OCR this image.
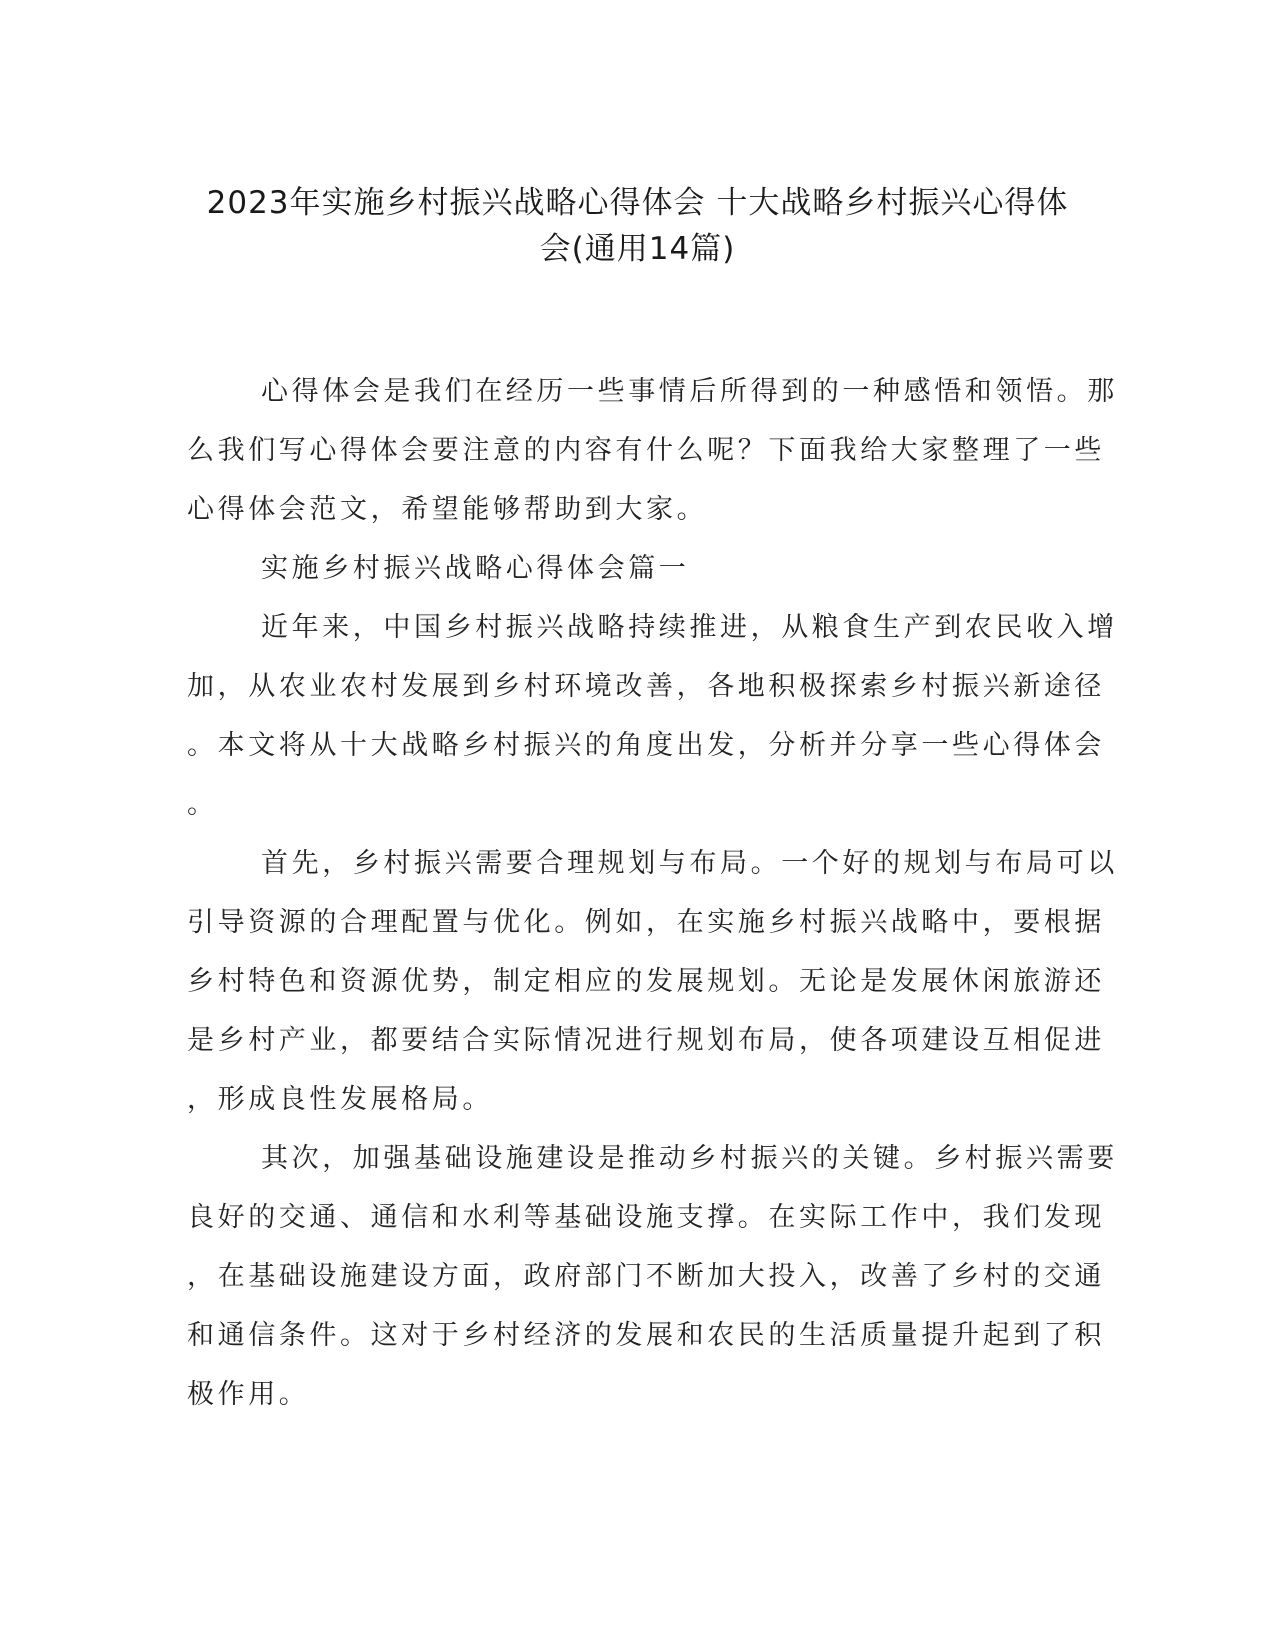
2023年实施乡村振兴战略心得体会 十大战略乡村振兴心得体
会(通用14篇)
心得体会是我们在经历一些事情后所得到的一种感悟和领悟。那
么我们写心得体会要注意的内容有什么呢？下面我给大家整理了一些
心得体会范文，希望能够帮助到大家。
实施乡村振兴战略心得体会篇一
近年来，中国乡村振兴战略持续推进，从粮食生产到农民收入增
加，从农业农村发展到乡村环境改善，各地积极探索乡村振兴新途径
。本文将从十大战略乡村振兴的角度出发，分析并分享一些心得体会
。
首先，乡村振兴需要合理规划与布局。一个好的规划与布局可以
引导资源的合理配置与优化。例如，在实施乡村振兴战略中，要根据
乡村特色和资源优势，制定相应的发展规划。无论是发展休闲旅游还
是乡村产业，都要结合实际情况进行规划布局，使各项建设互相促进
，形成良性发展格局。
其次，加强基础设施建设是推动乡村振兴的关键。乡村振兴需要
良好的交通、通信和水利等基础设施支撑。在实际工作中，我们发现
，在基础设施建设方面，政府部门不断加大投入，改善了乡村的交通
和通信条件。这对于乡村经济的发展和农民的生活质量提升起到了积
极作用。
